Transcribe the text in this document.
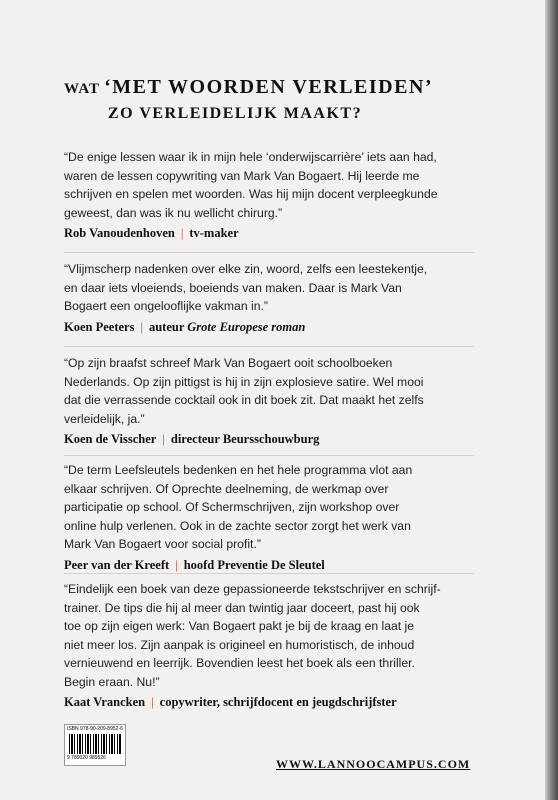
WAT ‘MET WOORDEN VERLEIDEN’
ZO VERLEIDELIJK MAAKT?

“De enige lessen waar ik in mijn hele ‘onderwijscarrière’ iets aan had,
waren de lessen copywriting van Mark Van Bogaert. Hij leerde me
schrijven en spelen met woorden. Was hij mijn docent verpleegkunde
geweest, dan was ik nu wellicht chirurg.”

Rob Vanoudenhoven | tv-maker

“Vlijmscherp nadenken over elke zin, woord, zelfs een leestekentje,
en daar iets vloeiends, boeiends van maken. Daar is Mark Van
Bogaert een ongelooflijke vakman in.”

Koen Peeters | auteur Grote Europese roman

“Op zijn braafst schreef Mark Van Bogaert ooit schoolboeken
Nederlands. Op zijn pittigst is hij in zijn explosieve satire. Wel mooi
dat die verrassende cocktail ook in dit boek zit. Dat maakt het zelfs
verleidelijk, ja.”

Koen de Visscher | directeur Beursschouwburg

“De term Leefsleutels bedenken en het hele programma vlot aan
elkaar schrijven. Of Oprechte deelneming, de werkmap over
participatie op school. Of Schermschrijven, zijn workshop over
online hulp verlenen. Ook in de zachte sector zorgt het werk van
Mark Van Bogaert voor social profit.”

Peer van der Kreeft | hoofd Preventie De Sleutel

“Eindelijk een boek van deze gepassioneerde tekstschrijver en schrijf-
trainer. De tips die hij al meer dan twintig jaar doceert, past hij ook
toe op zijn eigen werk: Van Bogaert pakt je bij de kraag en laat je
niet meer los. Zijn aanpak is origineel en humoristisch, de inhoud
vernieuwend en leerrijk. Bovendien leest het boek als een thriller.
Begin eraan. Nu!”

Kaat Vrancken | copywriter, schrijfdocent en jeugdschrijfster
ISBN 978-90-209-8952-6
9 789020 989526	WWW.LANNOOCAMPUS.COM
